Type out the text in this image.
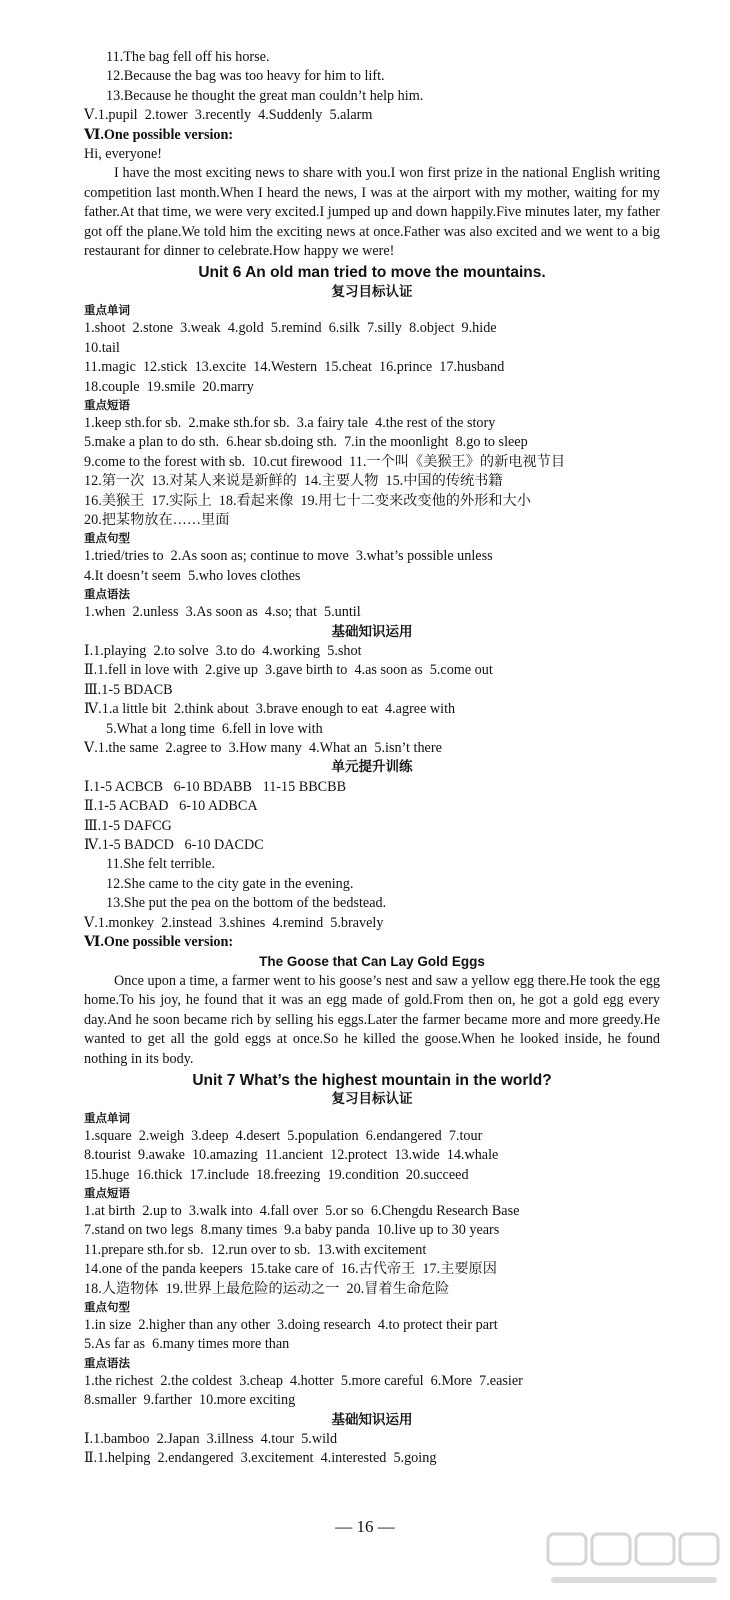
11.The bag fell off his horse.
12.Because the bag was too heavy for him to lift.
13.Because he thought the great man couldn’t help him.
Ⅴ.1.pupil  2.tower  3.recently  4.Suddenly  5.alarm
Ⅵ.One possible version:
Hi, everyone!
I have the most exciting news to share with you.I won first prize in the national English writing competition last month.When I heard the news, I was at the airport with my mother, waiting for my father.At that time, we were very excited.I jumped up and down happily.Five minutes later, my father got off the plane.We told him the exciting news at once.Father was also excited and we went to a big restaurant for dinner to celebrate.How happy we were!
Unit 6 An old man tried to move the mountains.
复习目标认证
重点单词
1.shoot  2.stone  3.weak  4.gold  5.remind  6.silk  7.silly  8.object  9.hide
10.tail
11.magic  12.stick  13.excite  14.Western  15.cheat  16.prince  17.husband
18.couple  19.smile  20.marry
重点短语
1.keep sth.for sb.  2.make sth.for sb.  3.a fairy tale  4.the rest of the story
5.make a plan to do sth.  6.hear sb.doing sth.  7.in the moonlight  8.go to sleep
9.come to the forest with sb.  10.cut firewood  11.一个叫《美猴王》的新电视节目
12.第一次  13.对某人来说是新鲜的  14.主要人物  15.中国的传统书籍
16.美猴王  17.实际上  18.看起来像  19.用七十二变来改变他的外形和大小
20.把某物放在……里面
重点句型
1.tried/tries to  2.As soon as; continue to move  3.what’s possible unless
4.It doesn’t seem  5.who loves clothes
重点语法
1.when  2.unless  3.As soon as  4.so; that  5.until
基础知识运用
Ⅰ.1.playing  2.to solve  3.to do  4.working  5.shot
Ⅱ.1.fell in love with  2.give up  3.gave birth to  4.as soon as  5.come out
Ⅲ.1-5 BDACB
Ⅳ.1.a little bit  2.think about  3.brave enough to eat  4.agree with
5.What a long time  6.fell in love with
Ⅴ.1.the same  2.agree to  3.How many  4.What an  5.isn’t there
单元提升训练
Ⅰ.1-5 ACBCB   6-10 BDABB   11-15 BBCBB
Ⅱ.1-5 ACBAD   6-10 ADBCA
Ⅲ.1-5 DAFCG
Ⅳ.1-5 BADCD   6-10 DACDC
11.She felt terrible.
12.She came to the city gate in the evening.
13.She put the pea on the bottom of the bedstead.
Ⅴ.1.monkey  2.instead  3.shines  4.remind  5.bravely
Ⅵ.One possible version:
The Goose that Can Lay Gold Eggs
Once upon a time, a farmer went to his goose’s nest and saw a yellow egg there.He took the egg home.To his joy, he found that it was an egg made of gold.From then on, he got a gold egg every day.And he soon became rich by selling his eggs.Later the farmer became more and more greedy.He wanted to get all the gold eggs at once.So he killed the goose.When he looked inside, he found nothing in its body.
Unit 7 What’s the highest mountain in the world?
复习目标认证
重点单词
1.square  2.weigh  3.deep  4.desert  5.population  6.endangered  7.tour
8.tourist  9.awake  10.amazing  11.ancient  12.protect  13.wide  14.whale
15.huge  16.thick  17.include  18.freezing  19.condition  20.succeed
重点短语
1.at birth  2.up to  3.walk into  4.fall over  5.or so  6.Chengdu Research Base
7.stand on two legs  8.many times  9.a baby panda  10.live up to 30 years
11.prepare sth.for sb.  12.run over to sb.  13.with excitement
14.one of the panda keepers  15.take care of  16.古代帝王  17.主要原因
18.人造物体  19.世界上最危险的运动之一  20.冒着生命危险
重点句型
1.in size  2.higher than any other  3.doing research  4.to protect their part
5.As far as  6.many times more than
重点语法
1.the richest  2.the coldest  3.cheap  4.hotter  5.more careful  6.More  7.easier
8.smaller  9.farther  10.more exciting
基础知识运用
Ⅰ.1.bamboo  2.Japan  3.illness  4.tour  5.wild
Ⅱ.1.helping  2.endangered  3.excitement  4.interested  5.going
— 16 —
